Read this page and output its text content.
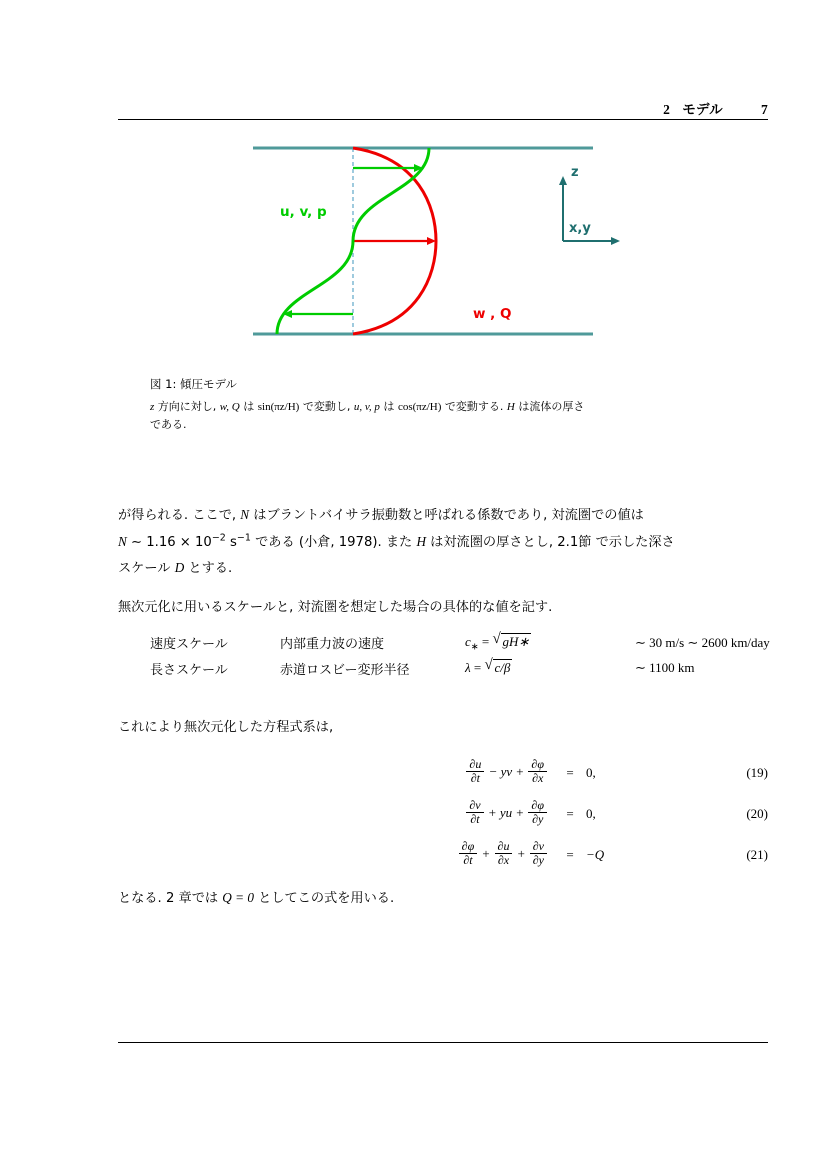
2 モデル	7
z
x,y
u, v, p
w , Q
図 1: 傾圧モデル
z 方向に対し, w, Q は sin(πz/H) で変動し, u, v, p は cos(πz/H) で変動する. H は流体の厚さ
である.
が得られる. ここで, N はブラントバイサラ振動数と呼ばれる係数であり, 対流圏での値は
N ∼ $1.16 \times 10^{-2}$ $s^{-1}$ である (小倉, 1978). また H は対流圏の厚さとし, 2.1節 で示した深さ
スケール D とする.
無次元化に用いるスケールと, 対流圏を想定した場合の具体的な値を記す.
速度スケール	内部重力波の速度	$c_∗$ = √ gH∗	∼ 30 m/s ∼ 2600 km/day
長さスケール	赤道ロスビー変形半径	λ = √ c/β	∼ 1100 km
これにより無次元化した方程式系は,
$\frac{\partial u}{\partial t}$ − yv + $\frac{\partial\varphi}{\partial x}$	= 0,	(19)
$\frac{\partial v}{\partial t}$ + yu + $\frac{\partial\varphi}{\partial y}$	= 0,	(20)
$\frac{\partial\varphi}{\partial t} + \frac{\partial u}{\partial x} + \frac{\partial v}{\partial y}$	= −Q	(21)
となる. 2 章では Q = 0 としてこの式を用いる.
